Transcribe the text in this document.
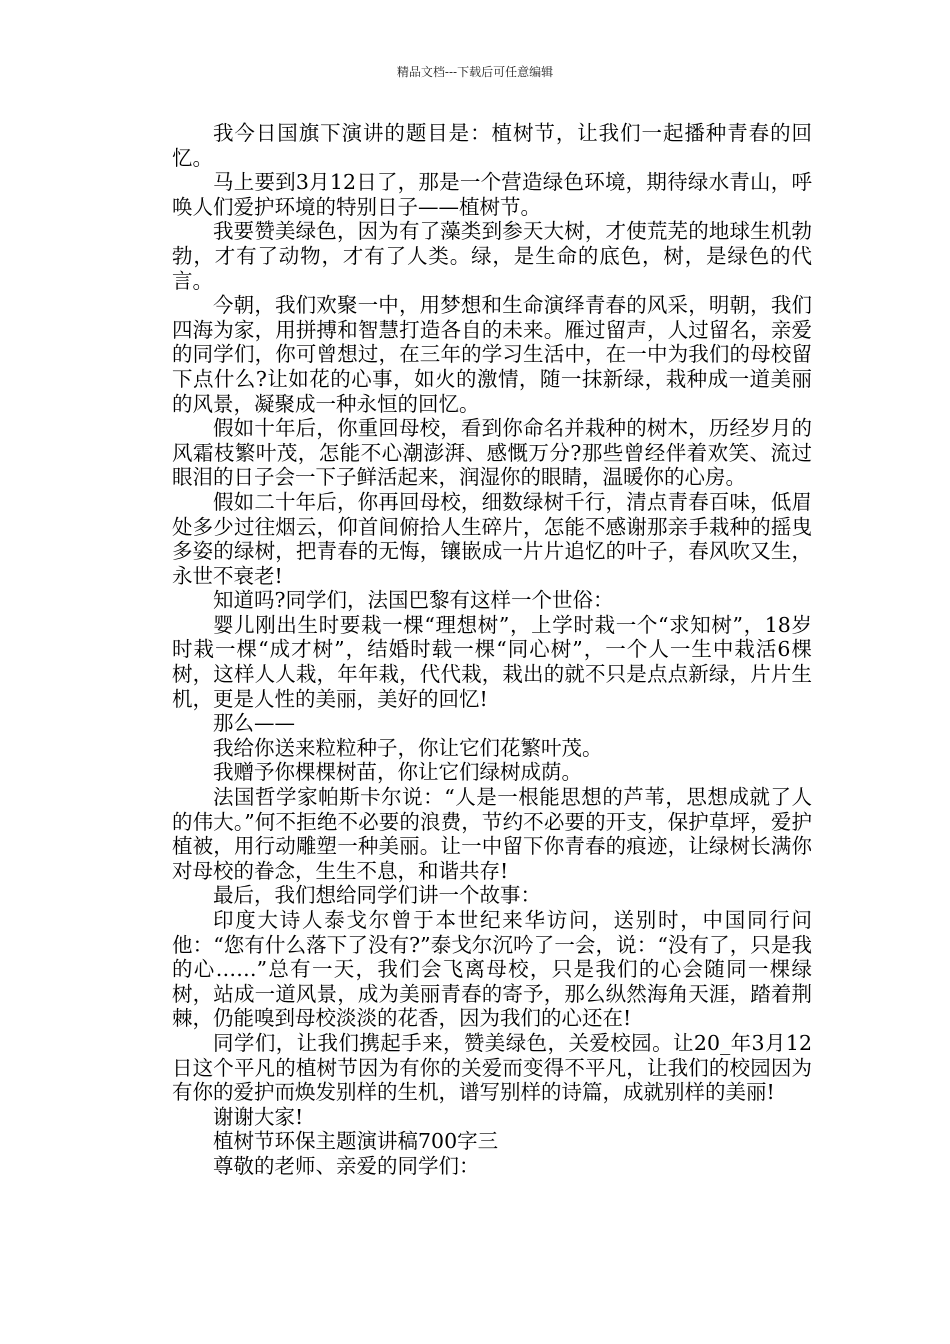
精品文档---下载后可任意编辑

我今日国旗下演讲的题目是：植树节，让我们一起播种青春的回忆。

马上要到3月12日了，那是一个营造绿色环境，期待绿水青山，呼唤人们爱护环境的特别日子——植树节。

我要赞美绿色，因为有了藻类到参天大树，才使荒芜的地球生机勃勃，才有了动物，才有了人类。绿，是生命的底色，树，是绿色的代言。

今朝，我们欢聚一中，用梦想和生命演绎青春的风采，明朝，我们四海为家，用拼搏和智慧打造各自的未来。雁过留声，人过留名，亲爱的同学们，你可曾想过，在三年的学习生活中，在一中为我们的母校留下点什么?让如花的心事，如火的激情，随一抹新绿，栽种成一道美丽的风景，凝聚成一种永恒的回忆。

假如十年后，你重回母校，看到你命名并栽种的树木，历经岁月的风霜枝繁叶茂，怎能不心潮澎湃、感慨万分?那些曾经伴着欢笑、流过眼泪的日子会一下子鲜活起来，润湿你的眼睛，温暖你的心房。

假如二十年后，你再回母校，细数绿树千行，清点青春百味，低眉处多少过往烟云，仰首间俯拾人生碎片，怎能不感谢那亲手栽种的摇曳多姿的绿树，把青春的无悔，镶嵌成一片片追忆的叶子，春风吹又生，永世不衰老!

知道吗?同学们，法国巴黎有这样一个世俗：

婴儿刚出生时要栽一棵“理想树”，上学时栽一个“求知树”，18岁时栽一棵“成才树”，结婚时载一棵“同心树”，一个人一生中栽活6棵树，这样人人栽，年年栽，代代栽，栽出的就不只是点点新绿，片片生机，更是人性的美丽，美好的回忆!

那么——

我给你送来粒粒种子，你让它们花繁叶茂。

我赠予你棵棵树苗，你让它们绿树成荫。

法国哲学家帕斯卡尔说：“人是一根能思想的芦苇，思想成就了人的伟大。”何不拒绝不必要的浪费，节约不必要的开支，保护草坪，爱护植被，用行动雕塑一种美丽。让一中留下你青春的痕迹，让绿树长满你对母校的眷念，生生不息，和谐共存!

最后，我们想给同学们讲一个故事：

印度大诗人泰戈尔曾于本世纪来华访问，送别时，中国同行问他：“您有什么落下了没有?”泰戈尔沉吟了一会，说：“没有了，只是我的心……”总有一天，我们会飞离母校，只是我们的心会随同一棵绿树，站成一道风景，成为美丽青春的寄予，那么纵然海角天涯，踏着荆棘，仍能嗅到母校淡淡的花香，因为我们的心还在!

同学们，让我们携起手来，赞美绿色，关爱校园。让20_年3月12日这个平凡的植树节因为有你的关爱而变得不平凡，让我们的校园因为有你的爱护而焕发别样的生机，谱写别样的诗篇，成就别样的美丽!

谢谢大家!

植树节环保主题演讲稿700字三

尊敬的老师、亲爱的同学们：
